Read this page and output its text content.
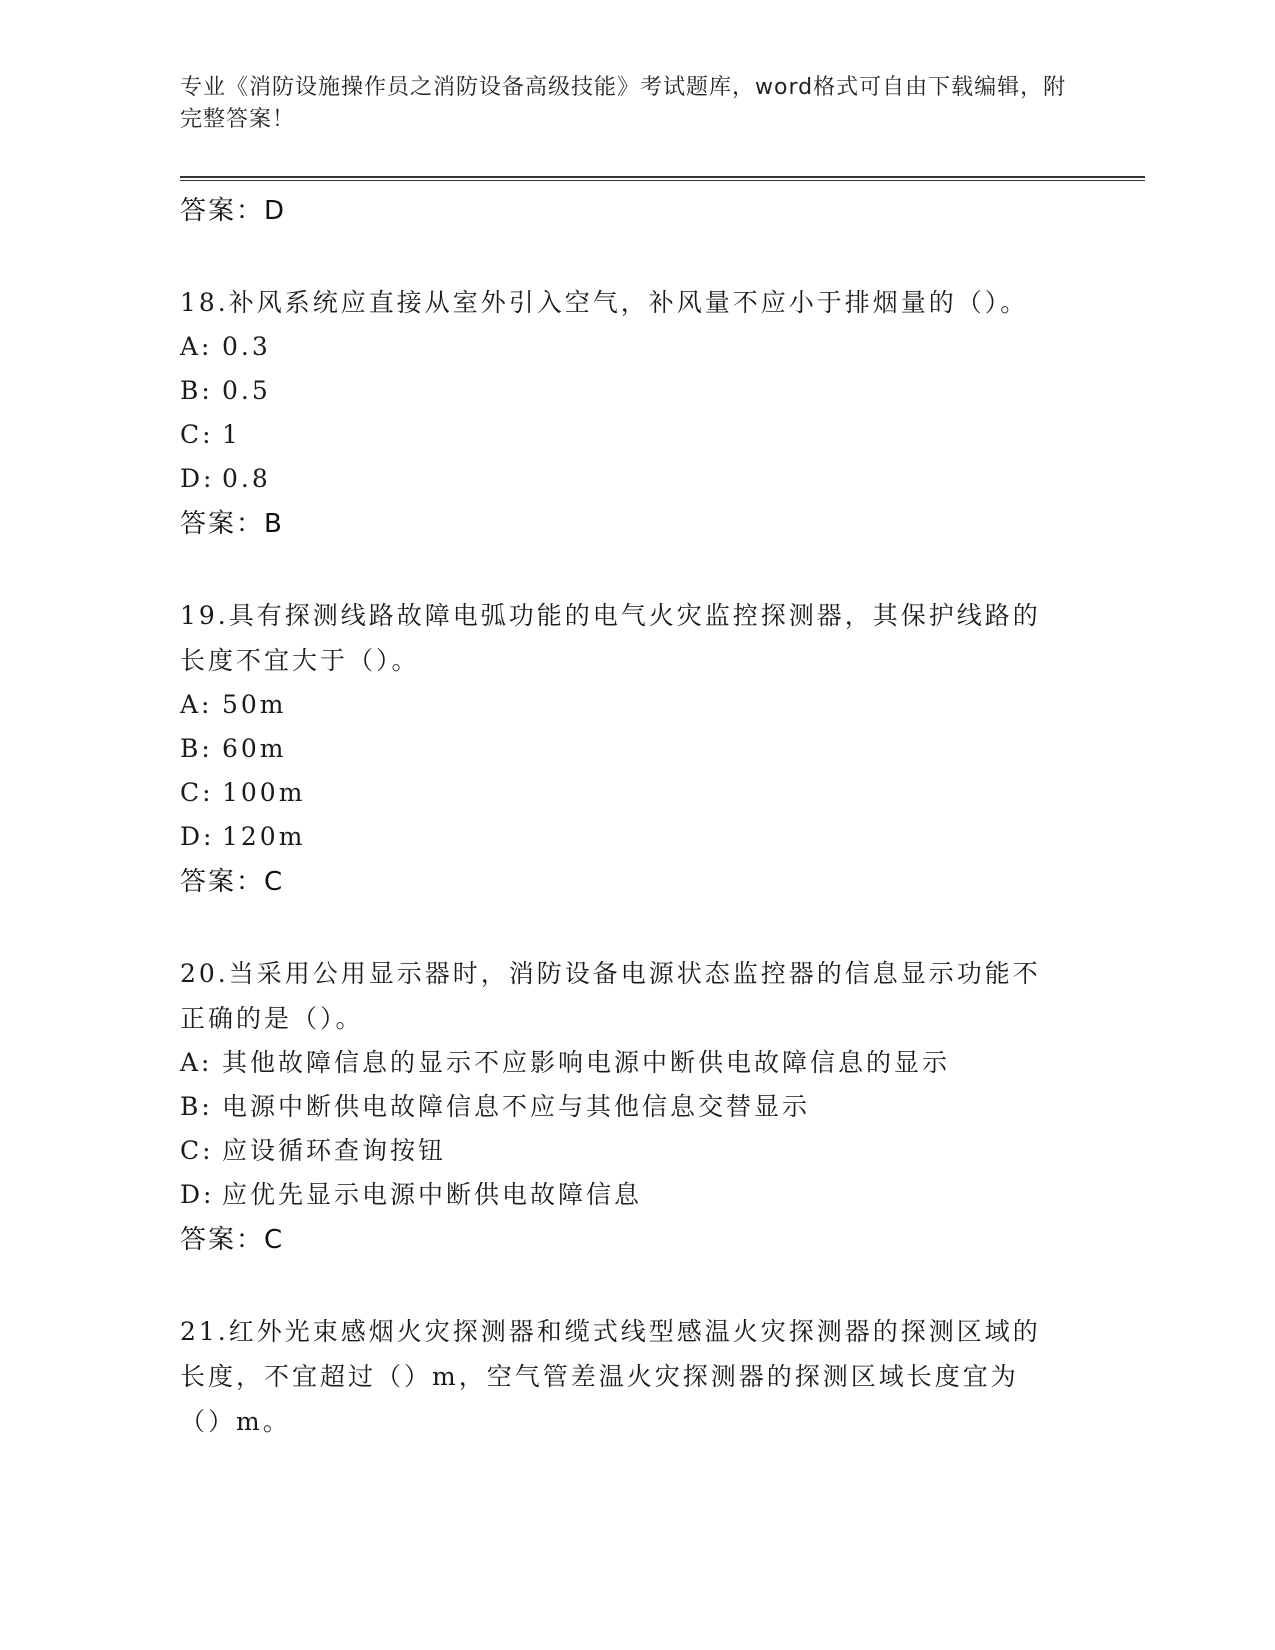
专业《消防设施操作员之消防设备高级技能》考试题库，word格式可自由下载编辑，附完整答案！
答案：D
18.补风系统应直接从室外引入空气，补风量不应小于排烟量的（）。
A: 0.3
B: 0.5
C: 1
D: 0.8
答案：B
19.具有探测线路故障电弧功能的电气火灾监控探测器，其保护线路的长度不宜大于（）。
A: 50m
B: 60m
C: 100m
D: 120m
答案：C
20.当采用公用显示器时，消防设备电源状态监控器的信息显示功能不正确的是（）。
A: 其他故障信息的显示不应影响电源中断供电故障信息的显示
B: 电源中断供电故障信息不应与其他信息交替显示
C: 应设循环查询按钮
D: 应优先显示电源中断供电故障信息
答案：C
21.红外光束感烟火灾探测器和缆式线型感温火灾探测器的探测区域的长度，不宜超过（）m，空气管差温火灾探测器的探测区域长度宜为（）m。
